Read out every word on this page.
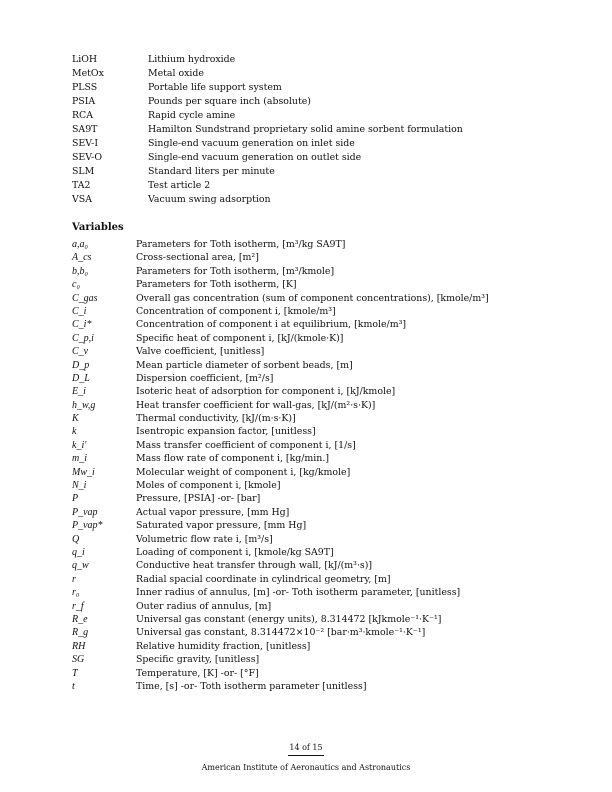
LiOH	Lithium hydroxide
MetOx	Metal oxide
PLSS	Portable life support system
PSIA	Pounds per square inch (absolute)
RCA	Rapid cycle amine
SA9T	Hamilton Sundstrand proprietary solid amine sorbent formulation
SEV-I	Single-end vacuum generation on inlet side
SEV-O	Single-end vacuum generation on outlet side
SLM	Standard liters per minute
TA2	Test article 2
VSA	Vacuum swing adsorption
Variables
a,a₀	Parameters for Toth isotherm, [m³/kg SA9T]
A_cs	Cross-sectional area, [m²]
b,b₀	Parameters for Toth isotherm, [m³/kmole]
c₀	Parameters for Toth isotherm, [K]
C_gas	Overall gas concentration (sum of component concentrations), [kmole/m³]
C_i	Concentration of component i, [kmole/m³]
C_i*	Concentration of component i at equilibrium, [kmole/m³]
C_p,i	Specific heat of component i, [kJ/(kmole·K)]
C_v	Valve coefficient, [unitless]
D_p	Mean particle diameter of sorbent beads, [m]
D_L	Dispersion coefficient, [m²/s]
E_i	Isoteric heat of adsorption for component i, [kJ/kmole]
h_w,g	Heat transfer coefficient for wall-gas, [kJ/(m²·s·K)]
K	Thermal conductivity, [kJ/(m·s·K)]
k	Isentropic expansion factor, [unitless]
k_i'	Mass transfer coefficient of component i, [1/s]
m_i	Mass flow rate of component i, [kg/min.]
Mw_i	Molecular weight of component i, [kg/kmole]
N_i	Moles of component i, [kmole]
P	Pressure, [PSIA] -or- [bar]
P_vap	Actual vapor pressure, [mm Hg]
P_vap*	Saturated vapor pressure, [mm Hg]
Q	Volumetric flow rate i, [m³/s]
q_i	Loading of component i, [kmole/kg SA9T]
q_w	Conductive heat transfer through wall, [kJ/(m³·s)]
r	Radial spacial coordinate in cylindrical geometry, [m]
r₀	Inner radius of annulus, [m] -or- Toth isotherm parameter, [unitless]
r_f	Outer radius of annulus, [m]
R_e	Universal gas constant (energy units), 8.314472 [kJkmole⁻¹·K⁻¹]
R_g	Universal gas constant, 8.314472×10⁻² [bar·m³·kmole⁻¹·K⁻¹]
RH	Relative humidity fraction, [unitless]
SG	Specific gravity, [unitless]
T	Temperature, [K] -or- [°F]
t	Time, [s] -or- Toth isotherm parameter [unitless]
14 of 15
American Institute of Aeronautics and Astronautics
